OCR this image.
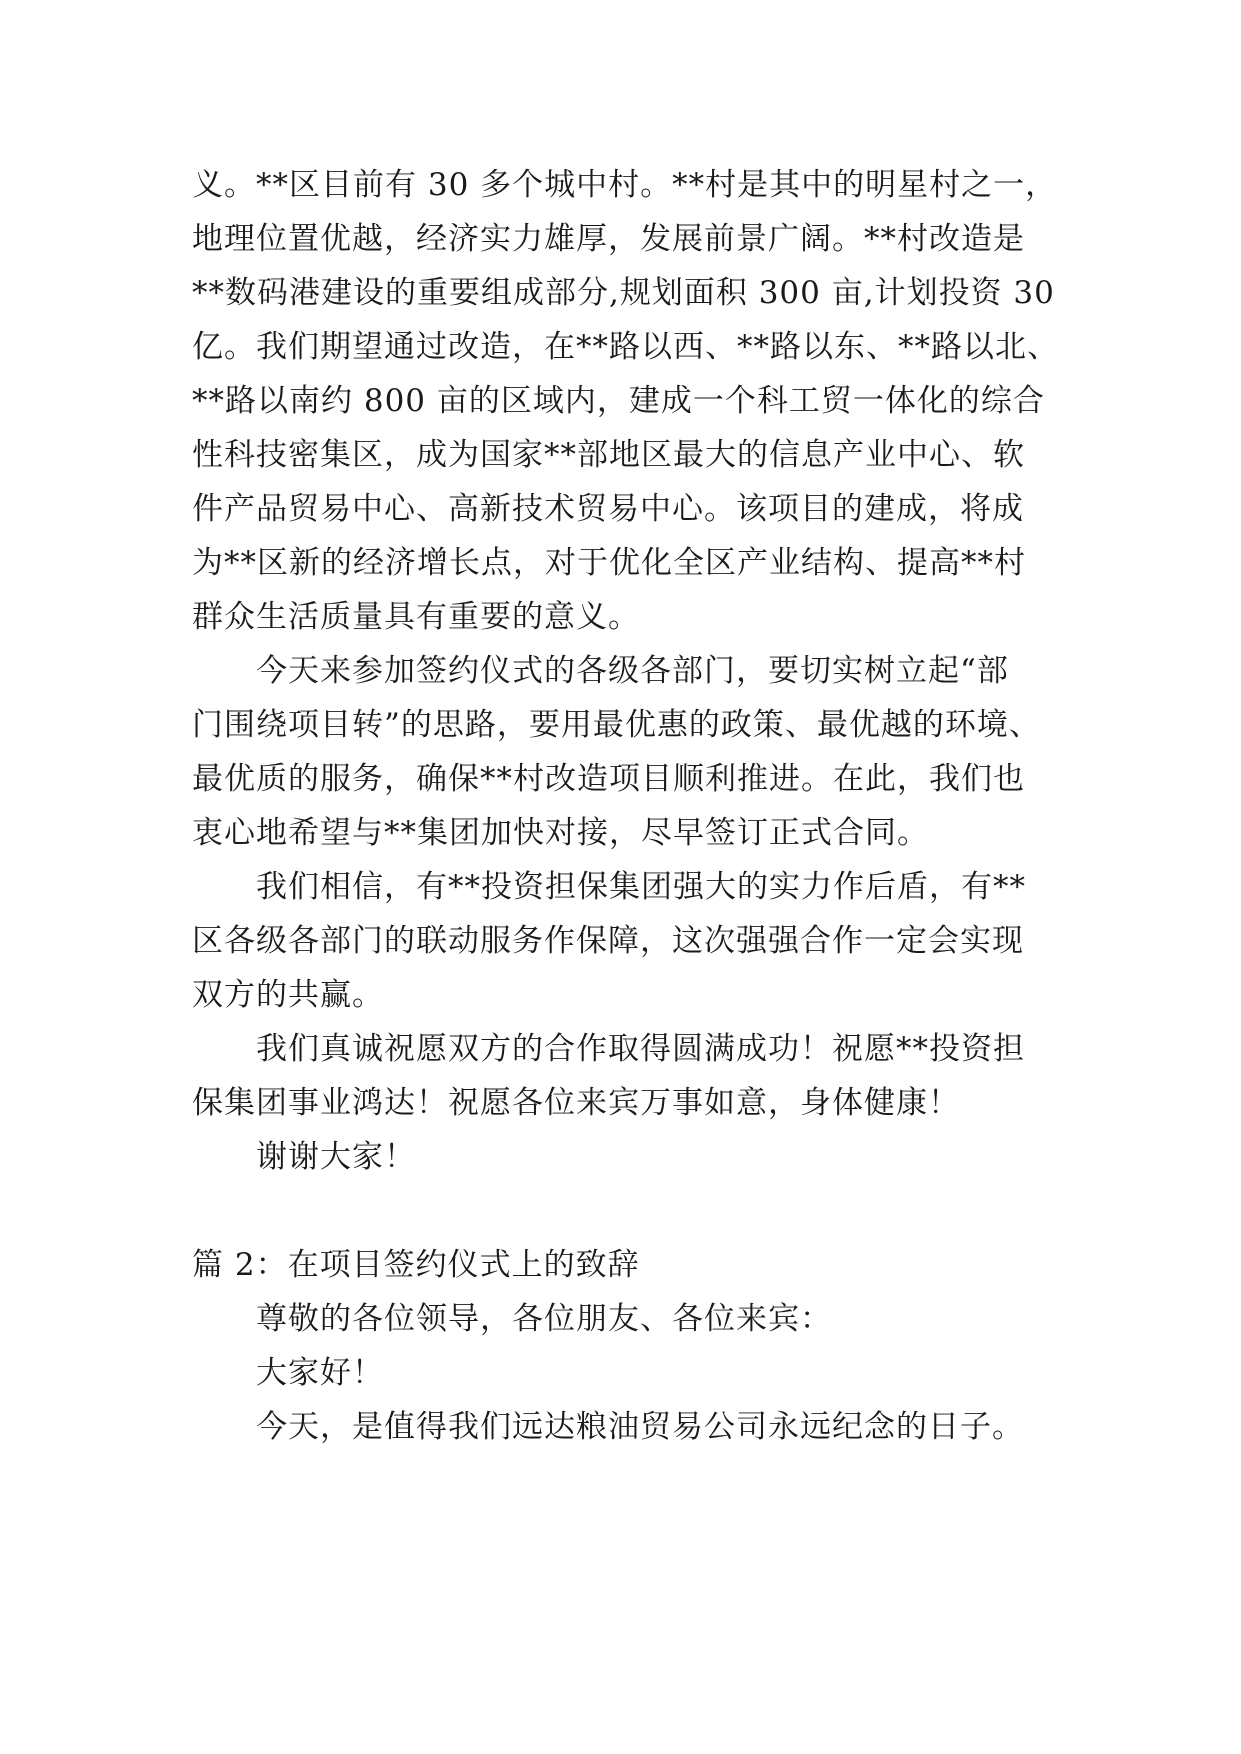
义。**区目前有 30 多个城中村。**村是其中的明星村之一，
地理位置优越，经济实力雄厚，发展前景广阔。**村改造是
**数码港建设的重要组成部分,规划面积 300 亩,计划投资 30
亿。我们期望通过改造，在**路以西、**路以东、**路以北、
**路以南约 800 亩的区域内，建成一个科工贸一体化的综合
性科技密集区，成为国家**部地区最大的信息产业中心、软
件产品贸易中心、高新技术贸易中心。该项目的建成，将成
为**区新的经济增长点，对于优化全区产业结构、提高**村
群众生活质量具有重要的意义。
今天来参加签约仪式的各级各部门，要切实树立起“部
门围绕项目转”的思路，要用最优惠的政策、最优越的环境、
最优质的服务，确保**村改造项目顺利推进。在此，我们也
衷心地希望与**集团加快对接，尽早签订正式合同。
我们相信，有**投资担保集团强大的实力作后盾，有**
区各级各部门的联动服务作保障，这次强强合作一定会实现
双方的共赢。
我们真诚祝愿双方的合作取得圆满成功！祝愿**投资担
保集团事业鸿达！祝愿各位来宾万事如意，身体健康！
谢谢大家！
篇 2：在项目签约仪式上的致辞
尊敬的各位领导，各位朋友、各位来宾：
大家好！
今天，是值得我们远达粮油贸易公司永远纪念的日子。
